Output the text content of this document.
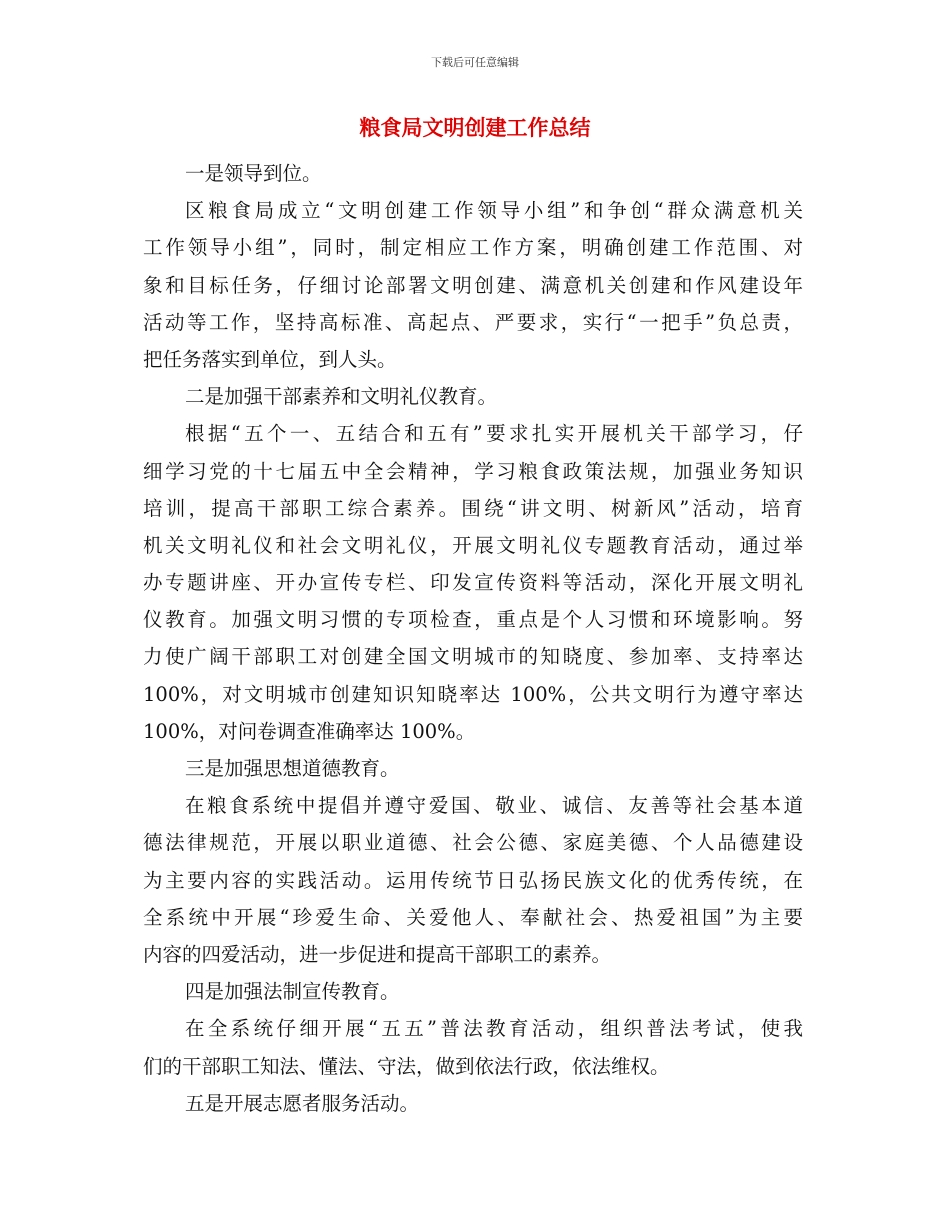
下载后可任意编辑
粮食局文明创建工作总结
一是领导到位。
区粮食局成立“文明创建工作领导小组”和争创“群众满意机关
工作领导小组”，同时，制定相应工作方案，明确创建工作范围、对
象和目标任务，仔细讨论部署文明创建、满意机关创建和作风建设年
活动等工作，坚持高标准、高起点、严要求，实行“一把手”负总责，
把任务落实到单位，到人头。
二是加强干部素养和文明礼仪教育。
根据“五个一、五结合和五有”要求扎实开展机关干部学习，仔
细学习党的十七届五中全会精神，学习粮食政策法规，加强业务知识
培训，提高干部职工综合素养。围绕“讲文明、树新风”活动，培育
机关文明礼仪和社会文明礼仪，开展文明礼仪专题教育活动，通过举
办专题讲座、开办宣传专栏、印发宣传资料等活动，深化开展文明礼
仪教育。加强文明习惯的专项检查，重点是个人习惯和环境影响。努
力使广阔干部职工对创建全国文明城市的知晓度、参加率、支持率达
100%，对文明城市创建知识知晓率达 100%，公共文明行为遵守率达
100%，对问卷调查准确率达 100%。
三是加强思想道德教育。
在粮食系统中提倡并遵守爱国、敬业、诚信、友善等社会基本道
德法律规范，开展以职业道德、社会公德、家庭美德、个人品德建设
为主要内容的实践活动。运用传统节日弘扬民族文化的优秀传统，在
全系统中开展“珍爱生命、关爱他人、奉献社会、热爱祖国”为主要
内容的四爱活动，进一步促进和提高干部职工的素养。
四是加强法制宣传教育。
在全系统仔细开展“五五”普法教育活动，组织普法考试，使我
们的干部职工知法、懂法、守法，做到依法行政，依法维权。
五是开展志愿者服务活动。
